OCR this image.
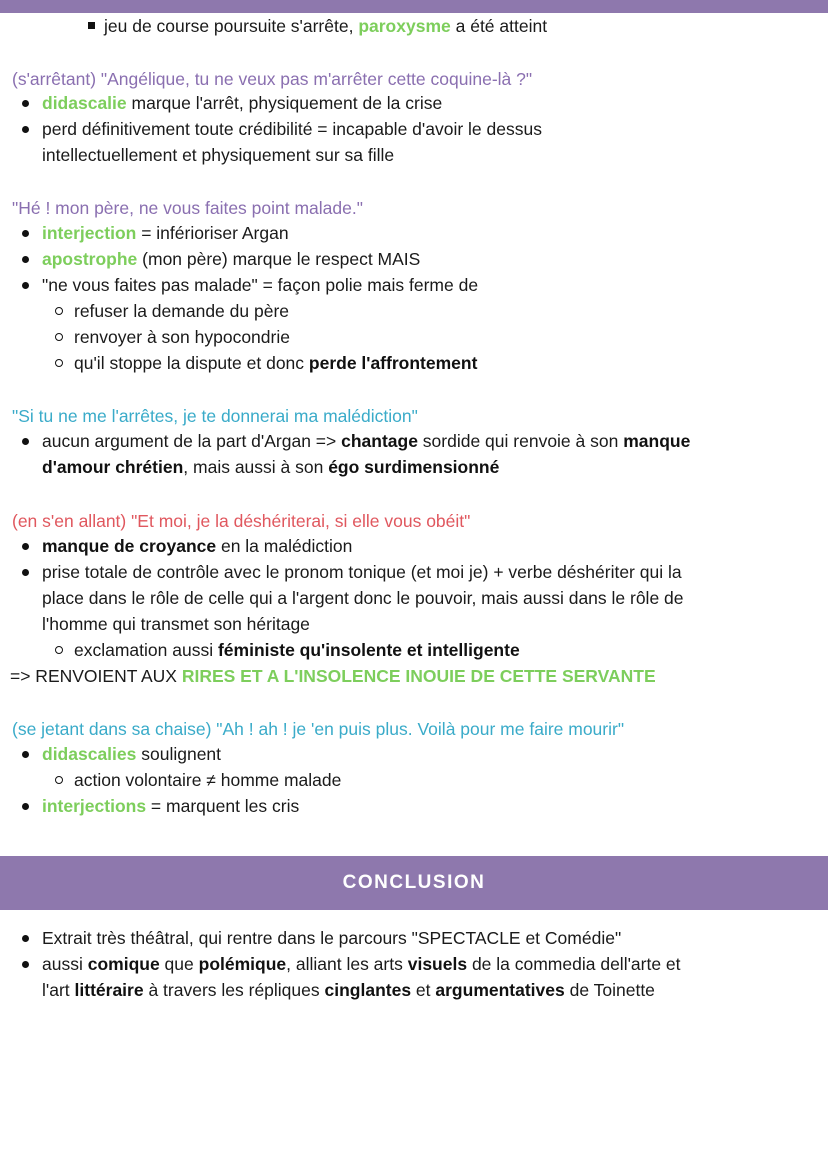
jeu de course poursuite s'arrête, paroxysme a été atteint
(s'arrêtant) "Angélique, tu ne veux pas m'arrêter cette coquine-là ?"
didascalie marque l'arrêt, physiquement de la crise
perd définitivement toute crédibilité = incapable d'avoir le dessus
intellectuellement et physiquement sur sa fille
"Hé ! mon père, ne vous faites point malade."
interjection = inférioriser Argan
apostrophe (mon père) marque le respect MAIS
"ne vous faites pas malade" = façon polie mais ferme de
refuser la demande du père
renvoyer à son hypocondrie
qu'il stoppe la dispute et donc perde l'affrontement
"Si tu ne me l'arrêtes, je te donnerai ma malédiction"
aucun argument de la part d'Argan => chantage sordide qui renvoie à son manque
d'amour chrétien, mais aussi à son égo surdimensionné
(en s'en allant) "Et moi, je la déshériterai, si elle vous obéit"
manque de croyance en la malédiction
prise totale de contrôle avec le pronom tonique (et moi je) + verbe déshériter qui la
place dans le rôle de celle qui a l'argent donc le pouvoir, mais aussi dans le rôle de
l'homme qui transmet son héritage
exclamation aussi féministe qu'insolente et intelligente
=> RENVOIENT AUX RIRES ET A L'INSOLENCE INOUIE DE CETTE SERVANTE
(se jetant dans sa chaise) "Ah ! ah ! je 'en puis plus. Voilà pour me faire mourir"
didascalies soulignent
action volontaire ≠ homme malade
interjections = marquent les cris
CONCLUSION
Extrait très théâtral, qui rentre dans le parcours "SPECTACLE et Comédie"
aussi comique que polémique, alliant les arts visuels de la commedia dell'arte et
l'art littéraire à travers les répliques cinglantes et argumentatives de Toinette
